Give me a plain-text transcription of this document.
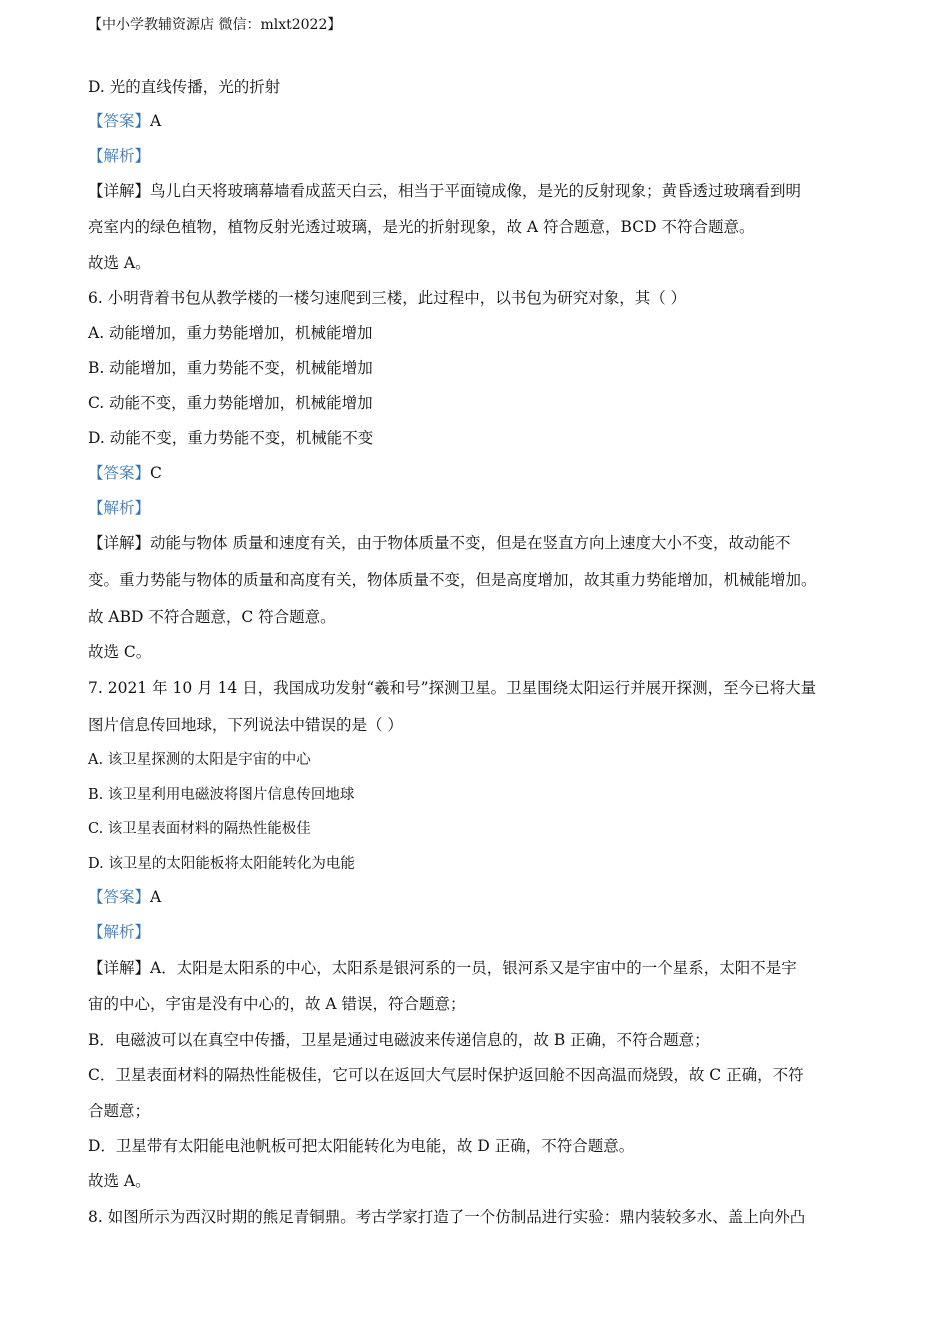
【中小学教辅资源店 微信：mlxt2022】
D. 光的直线传播，光的折射
【答案】A
【解析】
【详解】鸟儿白天将玻璃幕墙看成蓝天白云，相当于平面镜成像，是光的反射现象；黄昏透过玻璃看到明
亮室内的绿色植物，植物反射光透过玻璃，是光的折射现象，故 A 符合题意，BCD 不符合题意。
故选 A。
6. 小明背着书包从教学楼的一楼匀速爬到三楼，此过程中，以书包为研究对象，其（ ）
A. 动能增加，重力势能增加，机械能增加
B. 动能增加，重力势能不变，机械能增加
C. 动能不变，重力势能增加，机械能增加
D. 动能不变，重力势能不变，机械能不变
【答案】C
【解析】
【详解】动能与物体 质量和速度有关，由于物体质量不变，但是在竖直方向上速度大小不变，故动能不
变。重力势能与物体的质量和高度有关，物体质量不变，但是高度增加，故其重力势能增加，机械能增加。
故 ABD 不符合题意，C 符合题意。
故选 C。
7. 2021 年 10 月 14 日，我国成功发射“羲和号”探测卫星。卫星围绕太阳运行并展开探测，至今已将大量
图片信息传回地球，下列说法中错误的是（ ）
A. 该卫星探测的太阳是宇宙的中心
B. 该卫星利用电磁波将图片信息传回地球
C. 该卫星表面材料的隔热性能极佳
D. 该卫星的太阳能板将太阳能转化为电能
【答案】A
【解析】
【详解】A．太阳是太阳系的中心，太阳系是银河系的一员，银河系又是宇宙中的一个星系，太阳不是宇
宙的中心，宇宙是没有中心的，故 A 错误，符合题意；
B．电磁波可以在真空中传播，卫星是通过电磁波来传递信息的，故 B 正确，不符合题意；
C．卫星表面材料的隔热性能极佳，它可以在返回大气层时保护返回舱不因高温而烧毁，故 C 正确，不符
合题意；
D．卫星带有太阳能电池帆板可把太阳能转化为电能，故 D 正确，不符合题意。
故选 A。
8. 如图所示为西汉时期的熊足青铜鼎。考古学家打造了一个仿制品进行实验：鼎内装较多水、盖上向外凸
